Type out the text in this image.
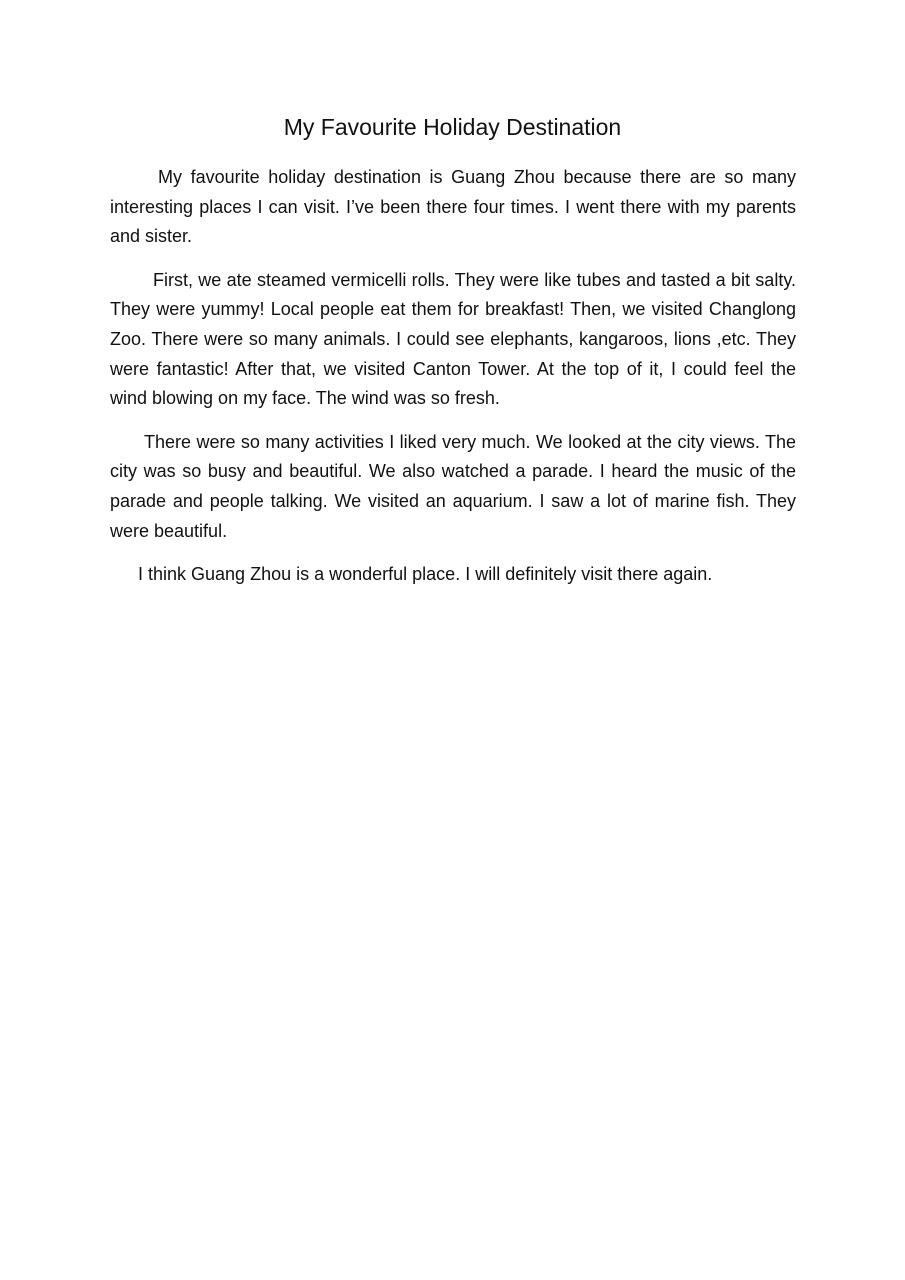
My Favourite Holiday Destination

My favourite holiday destination is Guang Zhou because there are so many interesting places I can visit. I’ve been there four times. I went there with my parents and sister.

First, we ate steamed vermicelli rolls. They were like tubes and tasted a bit salty. They were yummy! Local people eat them for breakfast! Then, we visited Changlong Zoo. There were so many animals. I could see elephants, kangaroos, lions ,etc. They were fantastic! After that, we visited Canton Tower. At the top of it, I could feel the wind blowing on my face. The wind was so fresh.

There were so many activities I liked very much. We looked at the city views. The city was so busy and beautiful. We also watched a parade. I heard the music of the parade and people talking. We visited an aquarium. I saw a lot of marine fish. They were beautiful.

I think Guang Zhou is a wonderful place. I will definitely visit there again.
